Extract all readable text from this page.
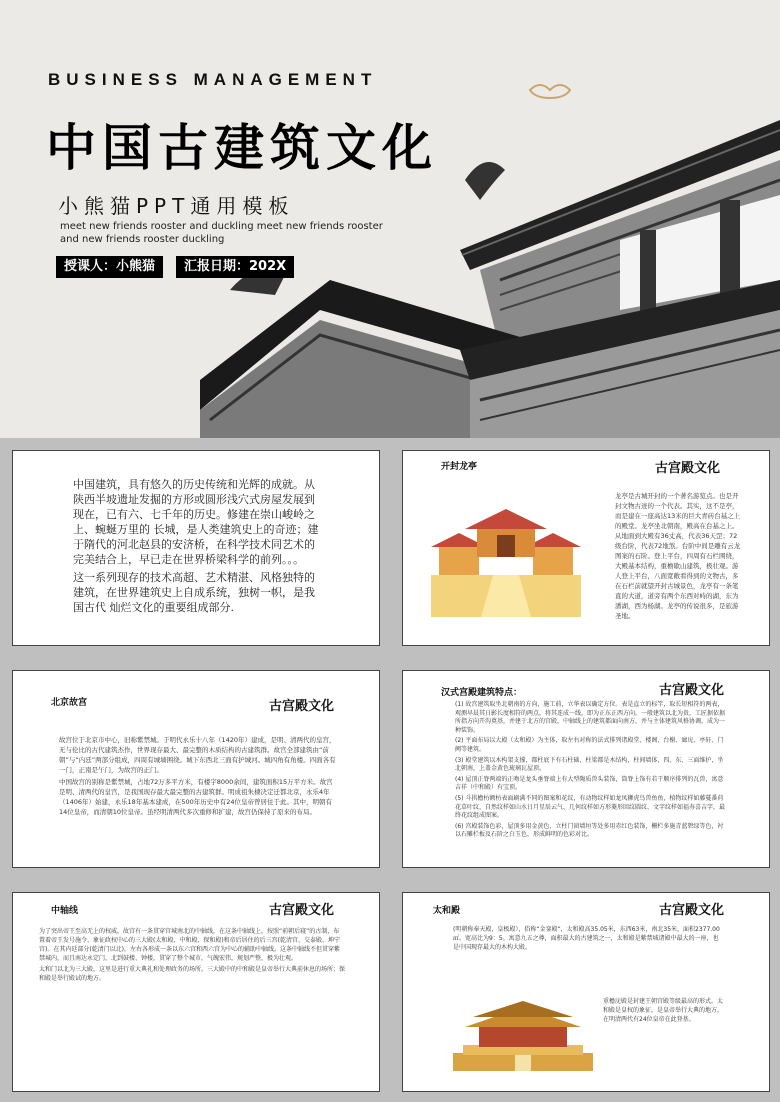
BUSINESS MANAGEMENT
中国古建筑文化
小熊猫PPT通用模板
meet new friends rooster and duckling meet new friends rooster and new friends rooster duckling
授课人：小熊猫	汇报日期：202X

中国建筑，具有悠久的历史传统和光辉的成就。从陕西半坡遗址发掘的方形或圆形浅穴式房屋发展到现在，已有六、七千年的历史。修建在崇山峻岭之上、蜿蜒万里的 长城，是人类建筑史上的奇迹；建于隋代的河北赵县的安济桥，在科学技术同艺术的完美结合上，早已走在世界桥梁科学的前列。。。

这一系列现存的技术高超、艺术精湛、风格独特的建筑，在世界建筑史上自成系统，独树一帜，是我国古代 灿烂文化的重要组成部分.

开封龙亭	古宫殿文化
龙亭是古城开封的一个著名游览点。也是开封文物古迹的一个代表。其实，这不是亭，而是建在一座高达13米的巨大青砖台基之上的殿堂。龙亭坐北朝南，殿高在台基之上。从地面到大殿有36丈高，代表36天罡；72级台阶，代表72地煞。台阶中间是雕有云龙图案的石阶。登上平台，四周有石栏围绕，大殿基本结构，重檐歇山建筑，极壮观。游人登上平台，八面宽敞看得到的文物古，多在石栏前就望开封古城景色，龙亭有一条笔直的大道，道旁有两个东西对峙的湖，东为潘湖，西为杨湖。龙亭的传说很多，是旅游圣地。
北京故宫	古宫殿文化

故宫位于北京市中心，旧称紫禁城。于明代永乐十八年（1420年）建成，是明、清两代的皇宫，无与伦比的古代建筑杰作，世界现存最大、最完整的木质结构的古建筑群。故宫全部建筑由“前朝”与“内廷”两部分组成，四周有城墙围绕。城下东西北三面有护城河。城四角有角楼。四面各有一门，正南是午门，为故宫的正门。

中国故宫的别称是紫禁城，占地72万多平方米，有楼宇8000余间，建筑面积15万平方米。故宫是明、清两代的皇宫，是我国现存最大最完整的古建筑群。明成祖朱棣决定迁都北京，永乐4年（1406年）始建，永乐18年基本建成，在500年历史中有24位皇帝曾居住于此。其中，明朝有14位皇帝，而清朝10位皇帝。虽经明清两代多次重修和扩建，故宫仍保持了原来的布局。

汉式宫殿建筑特点：	古宫殿文化

(1) 故宫建筑取坐北朝南的方向，施工前，立华表以确定方位。表是直立的标竿，取长短相符的两表，观测早晨其日影长度相符的两点，将其连成一线，即为正东正西方向。一般建筑以北为贵，工匠据依据所指方向开沟奠基，并建于北方的宫殿，中轴线上的建筑都面向南方，并与主体建筑风格协调，成为一种装饰。

(2) 平面布局以大殿（太和殿）为主体，取左右对称的法式排列诸殿堂、楼阁、台榭、廊庑、亭轩、门阙等建筑。

(3) 殿堂建筑以木构架支撑，都柱底下有石柱础，柱梁都是木结构，柱间墙体，四、东、三面维护，坐北朝南，上盖金黄色琉璃瓦屋顶。

(4) 屋顶正脊两端的正吻是龙头垂脊端上有大型陶质兽头装饰，筒脊上饰有若干顺序排列的瓦兽，寓意吉祥（中和殿）有宝顶。

(5) 斗拱檐枋额枋表面刷满不同的图案和花纹，有动物纹样如龙凤狮虎鸟兽鱼鱼，植物纹样如藤蔓番荷花草叶纹、自然纹样如山水日月星辰云气、几何纹样如方形菱形回纹圆纹、文字纹样如福寿喜吉字，最终花纹组成图案。

(6) 宫殿装饰色彩，屋顶多用金黄色，立柱门窗墙垣等处多用赤红色装饰，栅栏多施青蓝碧绿等色，衬以石雕栏板及石阶之白玉色，形成鲜明的色彩对比。

中轴线	古宫殿文化

为了突出帝王至高无上的权威，故宫有一条贯穿宫城南北的中轴线，在这条中轴线上，按照“前朝后寝”的古制，布置着帝王发号施令、象征政权中心的三大殿(太和殿、中和殿、保和殿)和帝后居住的后三宫(乾清宫、交泰殿、坤宁宫)。在其内廷部分(乾清门以北)，左右各形成一条以东六宫和西六宫为中心的辅助中轴线。这条中轴线不但贯穿紫禁城内，而且南达永定门，北到鼓楼、钟楼，贯穿了整个城市，气魄宏伟，规划严整，极为壮观。

太和门以北为三大殿，这里是进行重大典礼和处理政务的场所。三大殿中的中和殿是皇帝举行大典前休息的场所；保和殿是举行殿试的地方。

太和殿	古宫殿文化
(明朝称奉天殿，皇极殿），俗称“金銮殿”，太和殿高35.05米，东西63米，南北35米，面积2377.00㎡。宽高比为9：5。寓意九五之尊，面积最大的古建筑之一，太和殿是紫禁城诸殿中最大的一座，也是中国现存最大的木构大殿。
重檐庑殿是封建王朝宫殿等级最高的形式。太和殿是皇权的象征，是皇帝举行大典的地方，在明清两代有24位皇帝在此登基。
